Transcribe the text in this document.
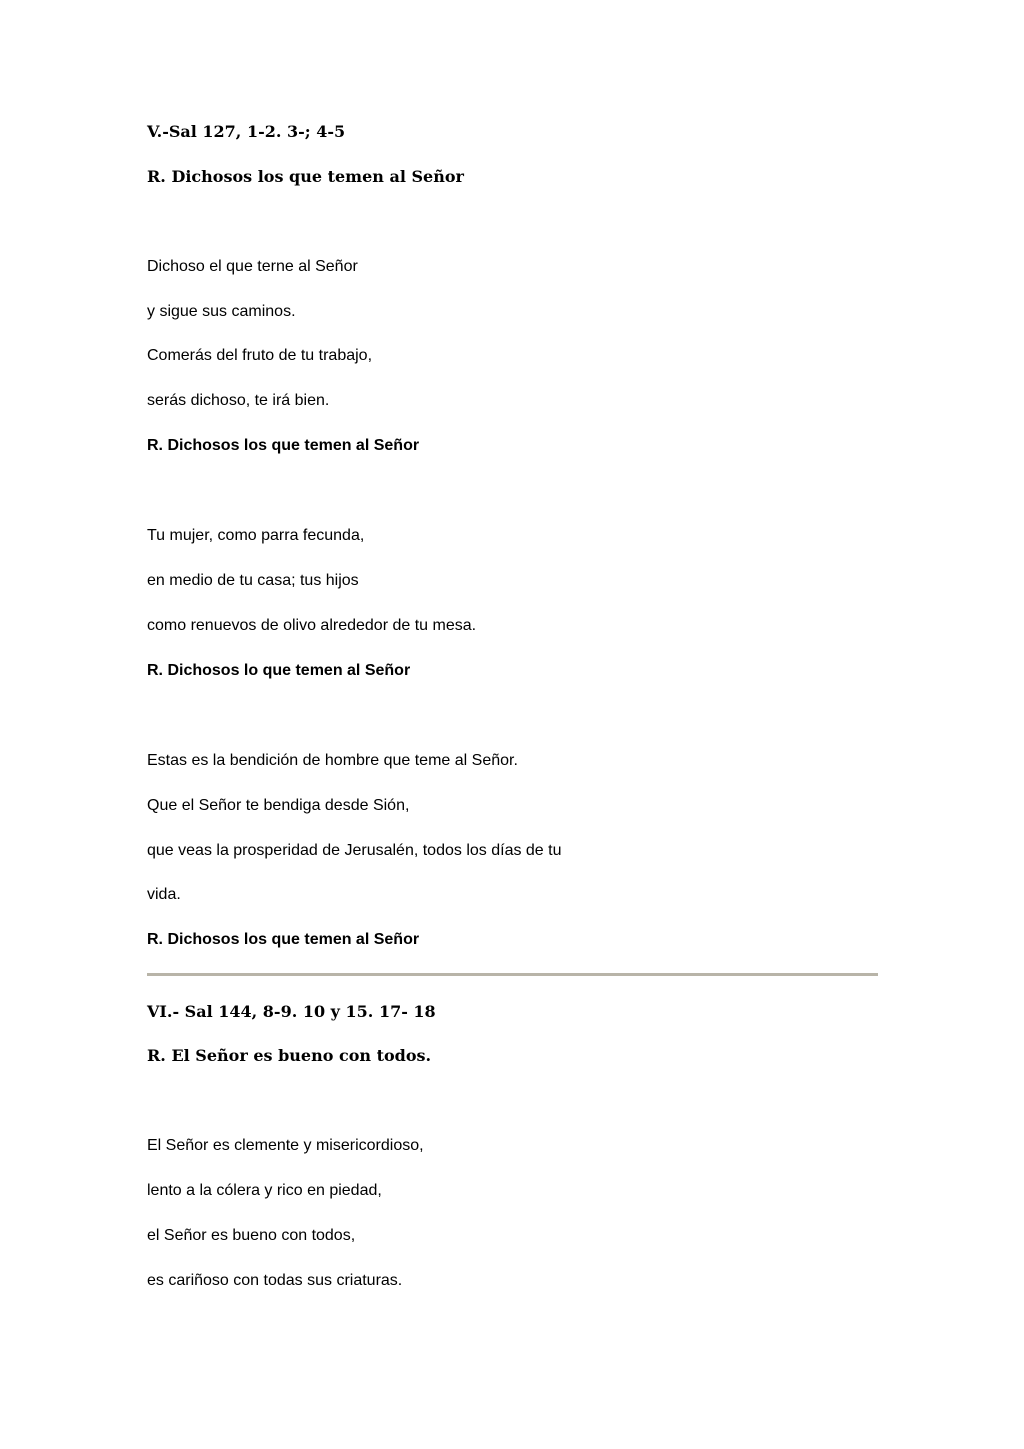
V.-Sal 127, 1-2. 3-; 4-5
R. Dichosos los que temen al Señor
Dichoso el que terne al Señor
y sigue sus caminos.
Comerás del fruto de tu trabajo,
serás dichoso, te irá bien.
R. Dichosos los que temen al Señor
Tu mujer, como parra fecunda,
en medio de tu casa; tus hijos
como renuevos de olivo alrededor de tu mesa.
R. Dichosos lo que temen al Señor
Estas es la bendición de hombre que teme al Señor.
Que el Señor te bendiga desde Sión,
que veas la prosperidad de Jerusalén, todos los días de tu
vida.
R. Dichosos los que temen al Señor
VI.- Sal 144, 8-9. 10 y 15. 17- 18
R. El Señor es bueno con todos.
El Señor es clemente y misericordioso,
lento a la cólera y rico en piedad,
el Señor es bueno con todos,
es cariñoso con todas sus criaturas.
